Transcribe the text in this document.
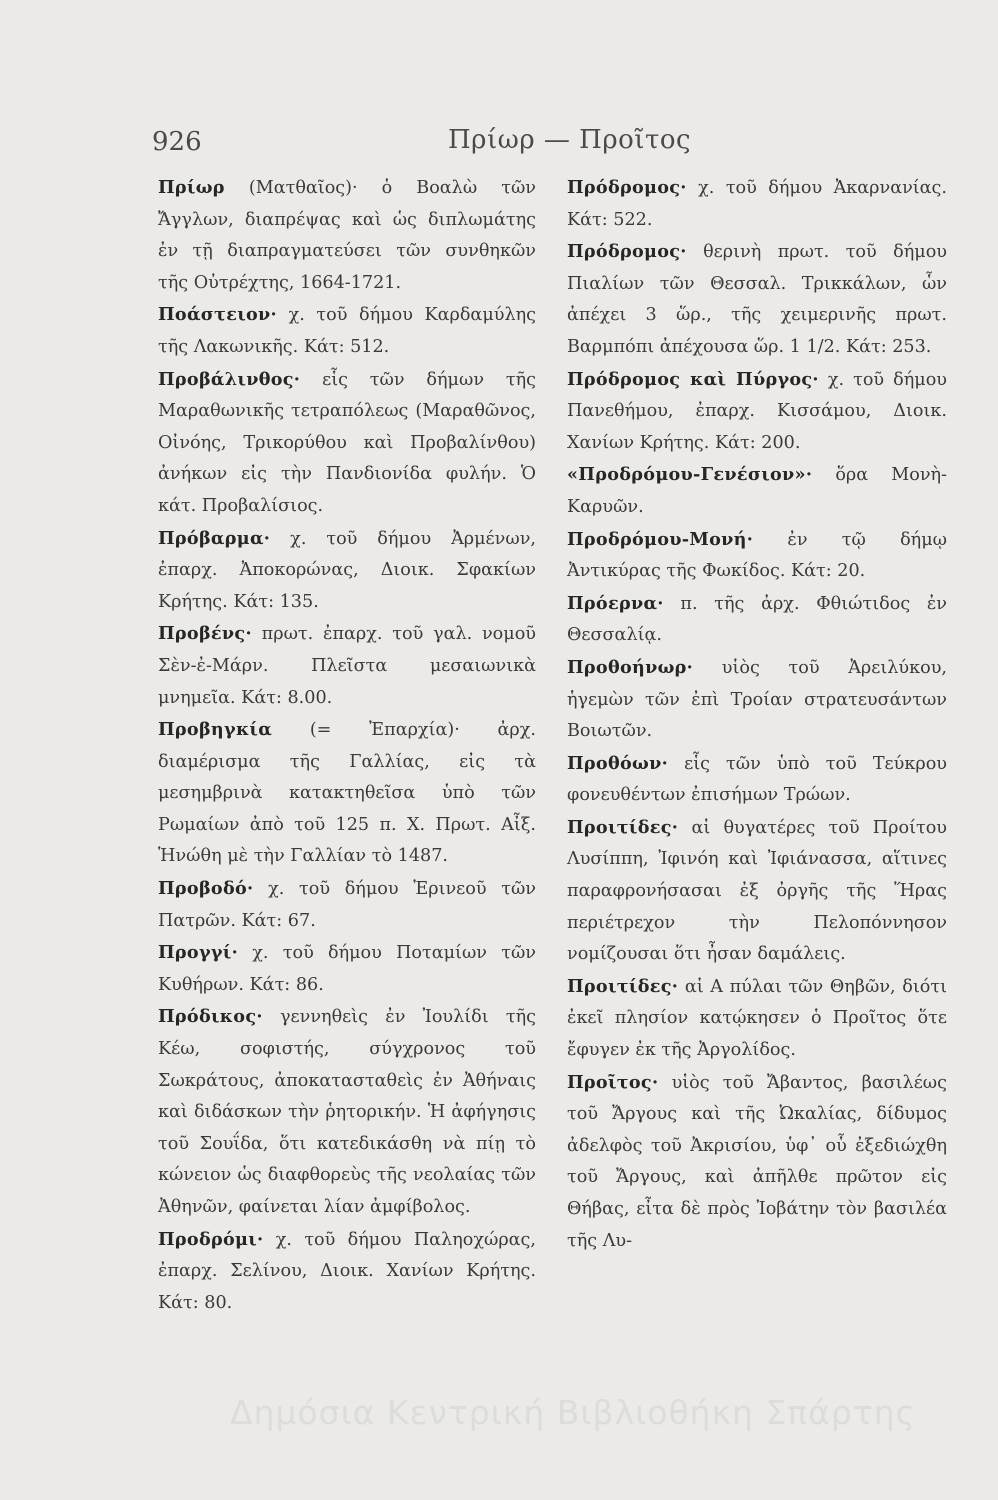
926	Πρίωρ — Προῖτος

Πρίωρ (Ματθαῖος)· ὁ Βοαλὼ τῶν Ἄγγλων, διαπρέψας καὶ ὡς διπλωμάτης ἐν τῇ διαπραγματεύσει τῶν συνθηκῶν τῆς Οὐτρέχτης, 1664-1721.

Ποάστειον· χ. τοῦ δήμου Καρδαμύλης τῆς Λακωνικῆς. Κάτ: 512.

Προβάλινθος· εἷς τῶν δήμων τῆς Μαραθωνικῆς τετραπόλεως (Μαραθῶνος, Οἰνόης, Τρικορύθου καὶ Προβαλίνθου) ἀνήκων εἰς τὴν Πανδιονίδα φυλήν. Ὁ κάτ. Προβαλίσιος.

Πρόβαρμα· χ. τοῦ δήμου Ἀρμένων, ἐπαρχ. Ἀποκορώνας, Διοικ. Σφακίων Κρήτης. Κάτ: 135.

Προβένς· πρωτ. ἐπαρχ. τοῦ γαλ. νομοῦ Σὲν-ἐ-Μάρν. Πλεῖστα μεσαιωνικὰ μνημεῖα. Κάτ: 8.00.

Προβηγκία (= Ἐπαρχία)· ἀρχ. διαμέρισμα τῆς Γαλλίας, εἰς τὰ μεσημβρινὰ κατακτηθεῖσα ὑπὸ τῶν Ρωμαίων ἀπὸ τοῦ 125 π. Χ. Πρωτ. Αἶξ. Ἡνώθη μὲ τὴν Γαλλίαν τὸ 1487.

Προβοδό· χ. τοῦ δήμου Ἐρινεοῦ τῶν Πατρῶν. Κάτ: 67.

Προγγί· χ. τοῦ δήμου Ποταμίων τῶν Κυθήρων. Κάτ: 86.

Πρόδικος· γεννηθεὶς ἐν Ἰουλίδι τῆς Κέω, σοφιστής, σύγχρονος τοῦ Σωκράτους, ἀποκατασταθεὶς ἐν Ἀθήναις καὶ διδάσκων τὴν ῥητορικήν. Ἡ ἀφήγησις τοῦ Σουΐδα, ὅτι κατεδικάσθη νὰ πίῃ τὸ κώνειον ὡς διαφθορεὺς τῆς νεολαίας τῶν Ἀθηνῶν, φαίνεται λίαν ἀμφίβολος.

Προδρόμι· χ. τοῦ δήμου Παληοχώρας, ἐπαρχ. Σελίνου, Διοικ. Χανίων Κρήτης. Κάτ: 80.

Πρόδρομος· χ. τοῦ δήμου Ἀκαρνανίας. Κάτ: 522.

Πρόδρομος· θερινὴ πρωτ. τοῦ δήμου Πιαλίων τῶν Θεσσαλ. Τρικκάλων, ὧν ἀπέχει 3 ὥρ., τῆς χειμερινῆς πρωτ. Βαρμπόπι ἀπέχουσα ὥρ. 1 1/2. Κάτ: 253.

Πρόδρομος καὶ Πύργος· χ. τοῦ δήμου Πανεθήμου, ἐπαρχ. Κισσάμου, Διοικ. Χανίων Κρήτης. Κάτ: 200.

«Προδρόμου-Γενέσιον»· ὅρα Μονὴ-Καρυῶν.

Προδρόμου-Μονή· ἐν τῷ δήμῳ Ἀντικύρας τῆς Φωκίδος. Κάτ: 20.

Πρόερνα· π. τῆς ἀρχ. Φθιώτιδος ἐν Θεσσαλίᾳ.

Προθοήνωρ· υἱὸς τοῦ Ἀρειλύκου, ἡγεμὼν τῶν ἐπὶ Τροίαν στρατευσάντων Βοιωτῶν.

Προθόων· εἷς τῶν ὑπὸ τοῦ Τεύκρου φονευθέντων ἐπισήμων Τρώων.

Προιτίδες· αἱ θυγατέρες τοῦ Προίτου Λυσίππη, Ἰφινόη καὶ Ἰφιάνασσα, αἵτινες παραφρονήσασαι ἐξ ὀργῆς τῆς Ἥρας περιέτρεχον τὴν Πελοπόννησον νομίζουσαι ὅτι ἦσαν δαμάλεις.

Προιτίδες· αἱ Α πύλαι τῶν Θηβῶν, διότι ἐκεῖ πλησίον κατῴκησεν ὁ Προῖτος ὅτε ἔφυγεν ἐκ τῆς Ἀργολίδος.

Προῖτος· υἱὸς τοῦ Ἄβαντος, βασιλέως τοῦ Ἄργους καὶ τῆς Ὠκαλίας, δίδυμος ἀδελφὸς τοῦ Ἀκρισίου, ὑφ᾽ οὗ ἐξεδιώχθη τοῦ Ἄργους, καὶ ἀπῆλθε πρῶτον εἰς Θήβας, εἶτα δὲ πρὸς Ἰοβάτην τὸν βασιλέα τῆς Λυ-

Δημόσια Κεντρική Βιβλιοθήκη Σπάρτης
